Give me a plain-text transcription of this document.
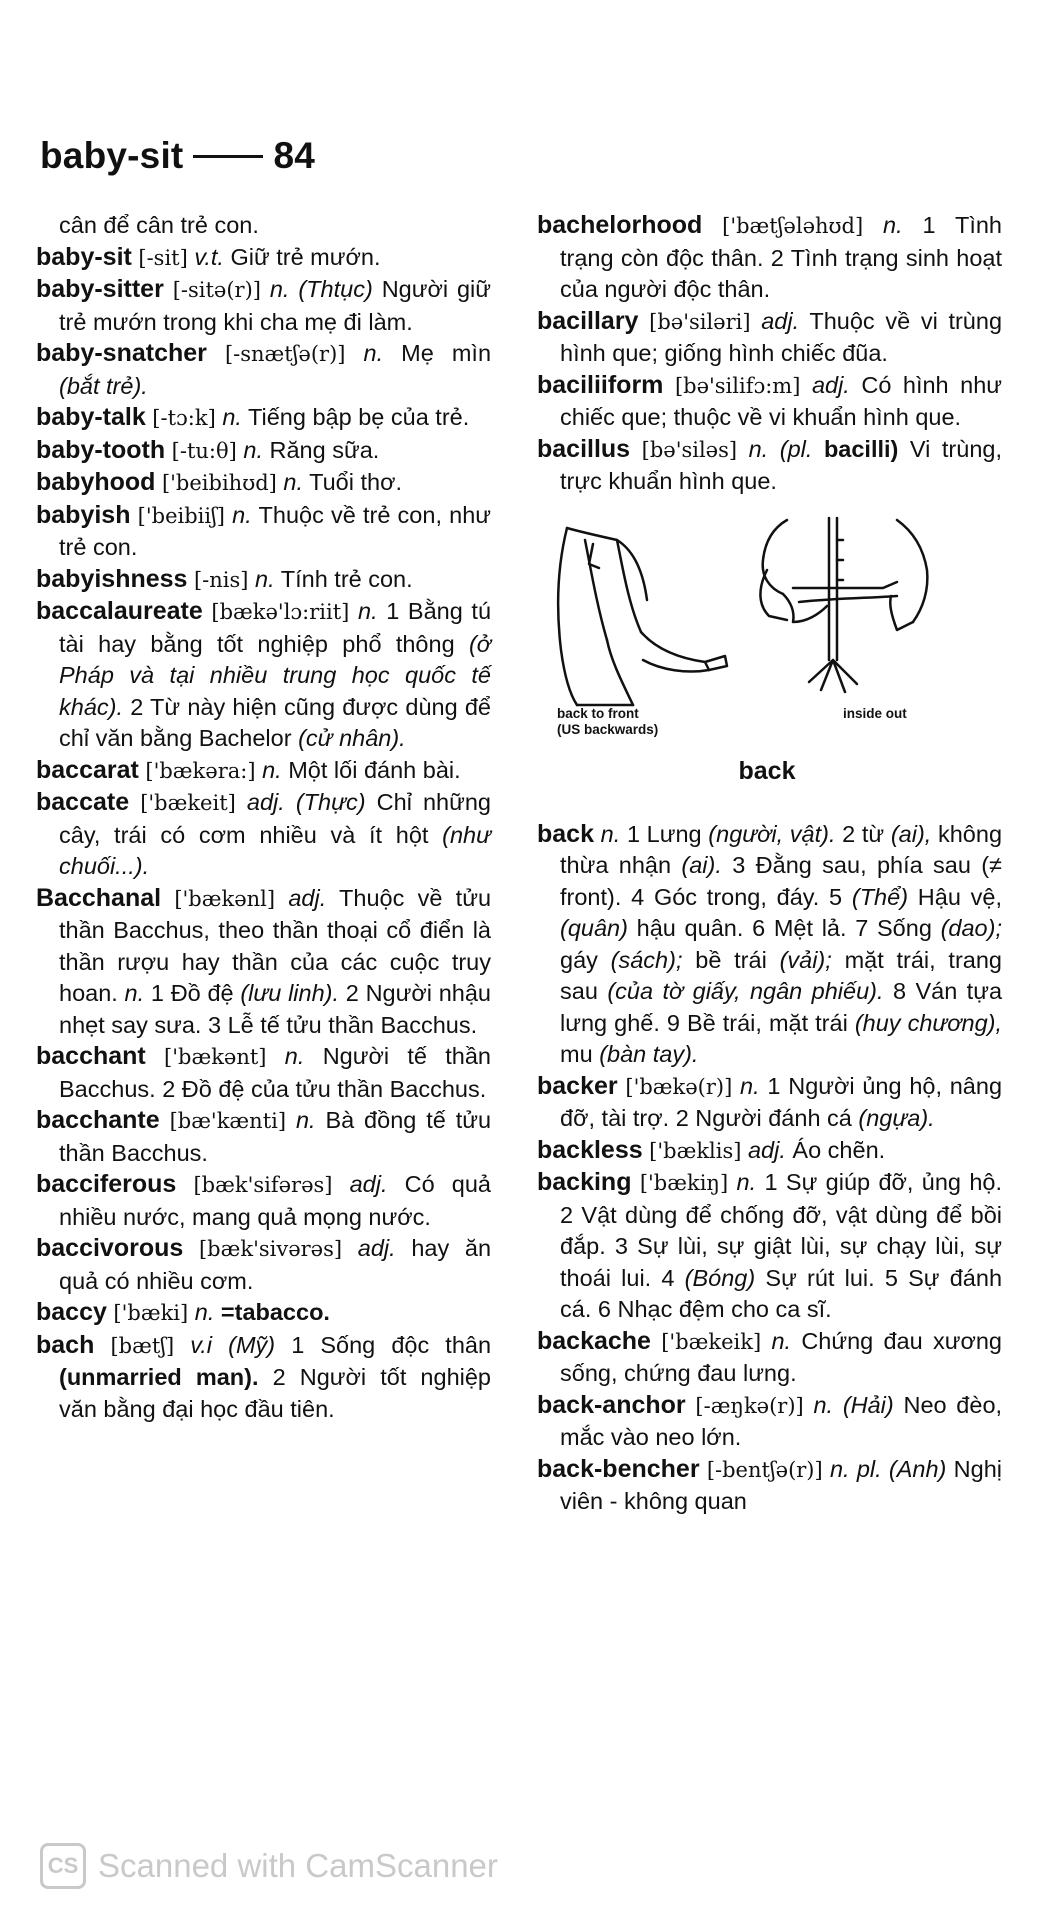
baby-sit 84

cân để cân trẻ con.

baby-sit [-sit] v.t. Giữ trẻ mướn.

baby-sitter [-sitə(r)] n. (Thtục) Người giữ trẻ mướn trong khi cha mẹ đi làm.

baby-snatcher [-snætʃə(r)] n. Mẹ mìn (bắt trẻ).

baby-talk [-tɔ:k] n. Tiếng bập bẹ của trẻ.

baby-tooth [-tu:θ] n. Răng sữa.

babyhood ['beibihʊd] n. Tuổi thơ.

babyish ['beibiiʃ] n. Thuộc về trẻ con, như trẻ con.

babyishness [-nis] n. Tính trẻ con.

baccalaureate [bækə'lɔ:riit] n. 1 Bằng tú tài hay bằng tốt nghiệp phổ thông (ở Pháp và tại nhiều trung học quốc tế khác). 2 Từ này hiện cũng được dùng để chỉ văn bằng Bachelor (cử nhân).

baccarat ['bækəra:] n. Một lối đánh bài.

baccate ['bækeit] adj. (Thực) Chỉ những cây, trái có cơm nhiều và ít hột (như chuối...).

Bacchanal ['bækənl] adj. Thuộc về tửu thần Bacchus, theo thần thoại cổ điển là thần rượu hay thần của các cuộc truy hoan. n. 1 Đồ đệ (lưu linh). 2 Người nhậu nhẹt say sưa. 3 Lễ tế tửu thần Bacchus.

bacchant ['bækənt] n. Người tế thần Bacchus. 2 Đồ đệ của tửu thần Bacchus.

bacchante [bæ'kænti] n. Bà đồng tế tửu thần Bacchus.

bacciferous [bæk'sifərəs] adj. Có quả nhiều nước, mang quả mọng nước.

baccivorous [bæk'sivərəs] adj. hay ăn quả có nhiều cơm.

baccy ['bæki] n. =tabacco.

bach [bætʃ] v.i (Mỹ) 1 Sống độc thân (unmarried man). 2 Người tốt nghiệp văn bằng đại học đầu tiên.

bachelorhood ['bætʃələhʊd] n. 1 Tình trạng còn độc thân. 2 Tình trạng sinh hoạt của người độc thân.

bacillary [bə'siləri] adj. Thuộc về vi trùng hình que; giống hình chiếc đũa.

baciliiform [bə'silifɔ:m] adj. Có hình như chiếc que; thuộc về vi khuẩn hình que.

bacillus [bə'siləs] n. (pl. bacilli) Vi trùng, trực khuẩn hình que.

back to front
(US backwards)
inside out
back

back n. 1 Lưng (người, vật). 2 từ (ai), không thừa nhận (ai). 3 Đằng sau, phía sau (≠ front). 4 Góc trong, đáy. 5 (Thể) Hậu vệ, (quân) hậu quân. 6 Mệt lả. 7 Sống (dao); gáy (sách); bề trái (vải); mặt trái, trang sau (của tờ giấy, ngân phiếu). 8 Ván tựa lưng ghế. 9 Bề trái, mặt trái (huy chương), mu (bàn tay).

backer ['bækə(r)] n. 1 Người ủng hộ, nâng đỡ, tài trợ. 2 Người đánh cá (ngựa).

backless ['bæklis] adj. Áo chẽn.

backing ['bækiŋ] n. 1 Sự giúp đỡ, ủng hộ. 2 Vật dùng để chống đỡ, vật dùng để bồi đắp. 3 Sự lùi, sự giật lùi, sự chạy lùi, sự thoái lui. 4 (Bóng) Sự rút lui. 5 Sự đánh cá. 6 Nhạc đệm cho ca sĩ.

backache ['bækeik] n. Chứng đau xương sống, chứng đau lưng.

back-anchor [-æŋkə(r)] n. (Hải) Neo đèo, mắc vào neo lớn.

back-bencher [-bentʃə(r)] n. pl. (Anh) Nghị viên - không quan

CS Scanned with CamScanner
